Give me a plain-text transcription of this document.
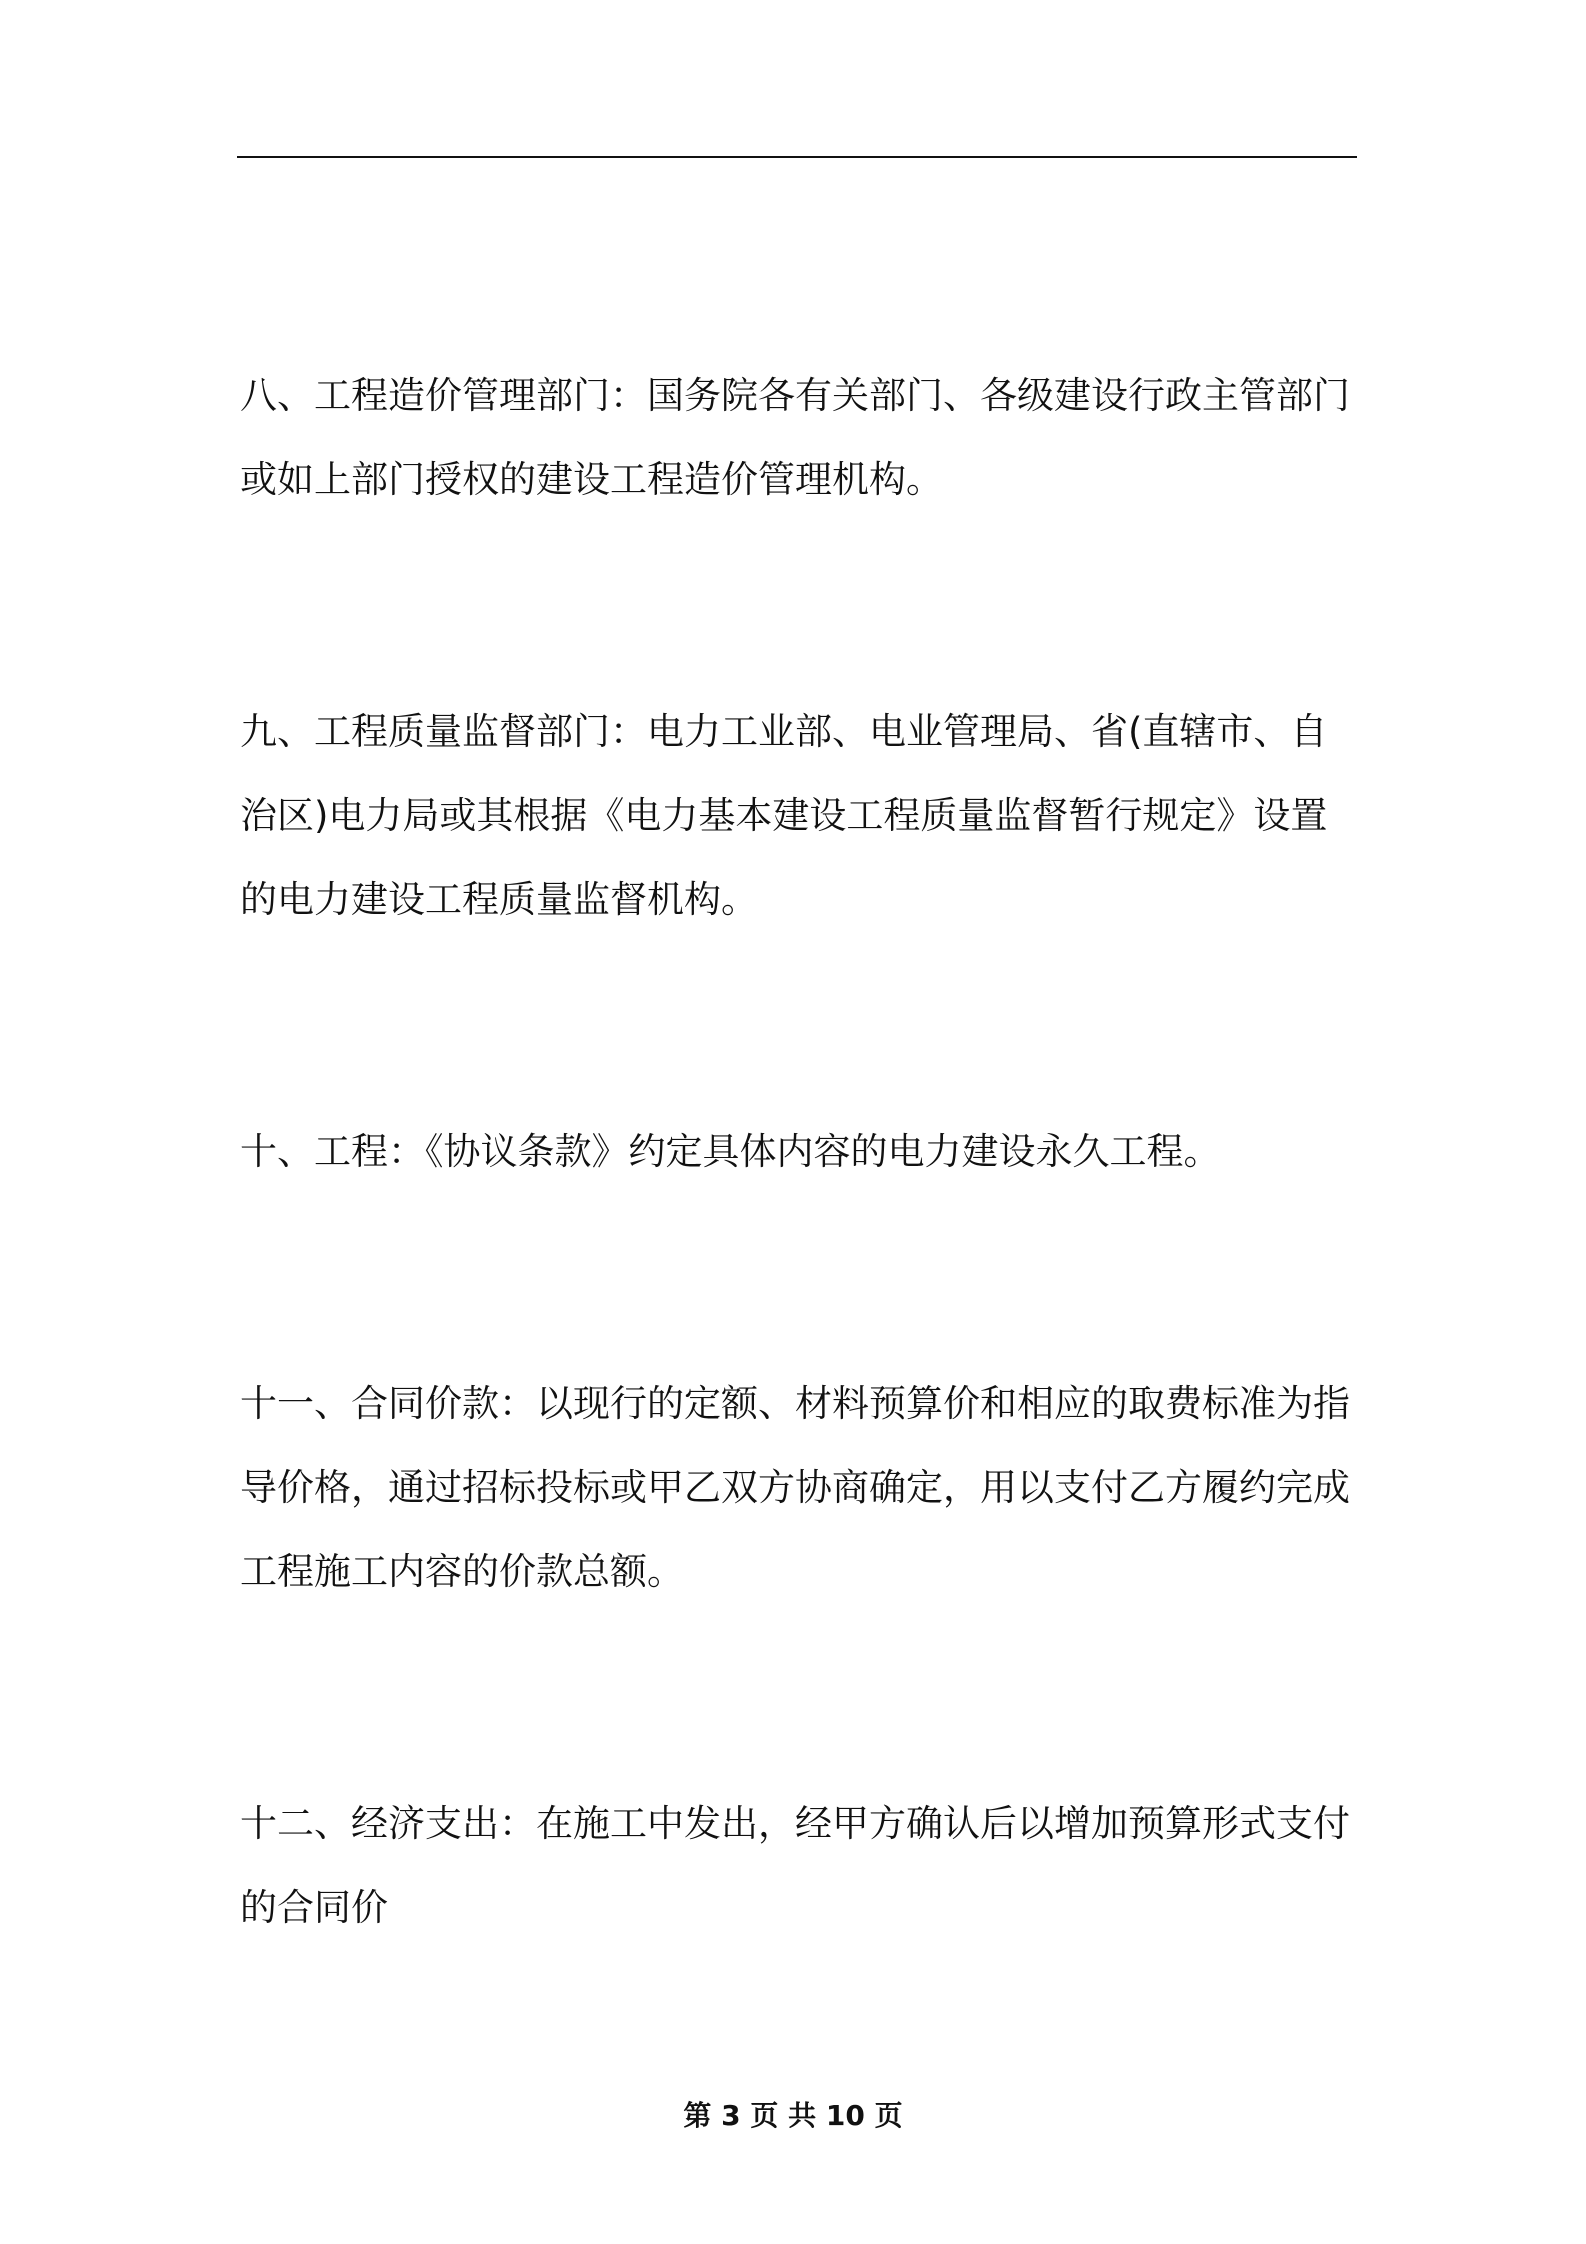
八、工程造价管理部门：国务院各有关部门、各级建设行政主管部门或如上部门授权的建设工程造价管理机构。

九、工程质量监督部门：电力工业部、电业管理局、省(直辖市、自治区)电力局或其根据《电力基本建设工程质量监督暂行规定》设置的电力建设工程质量监督机构。

十、工程：《协议条款》约定具体内容的电力建设永久工程。

十一、合同价款：以现行的定额、材料预算价和相应的取费标准为指导价格，通过招标投标或甲乙双方协商确定，用以支付乙方履约完成工程施工内容的价款总额。

十二、经济支出：在施工中发出，经甲方确认后以增加预算形式支付的合同价

第 3 页 共 10 页
